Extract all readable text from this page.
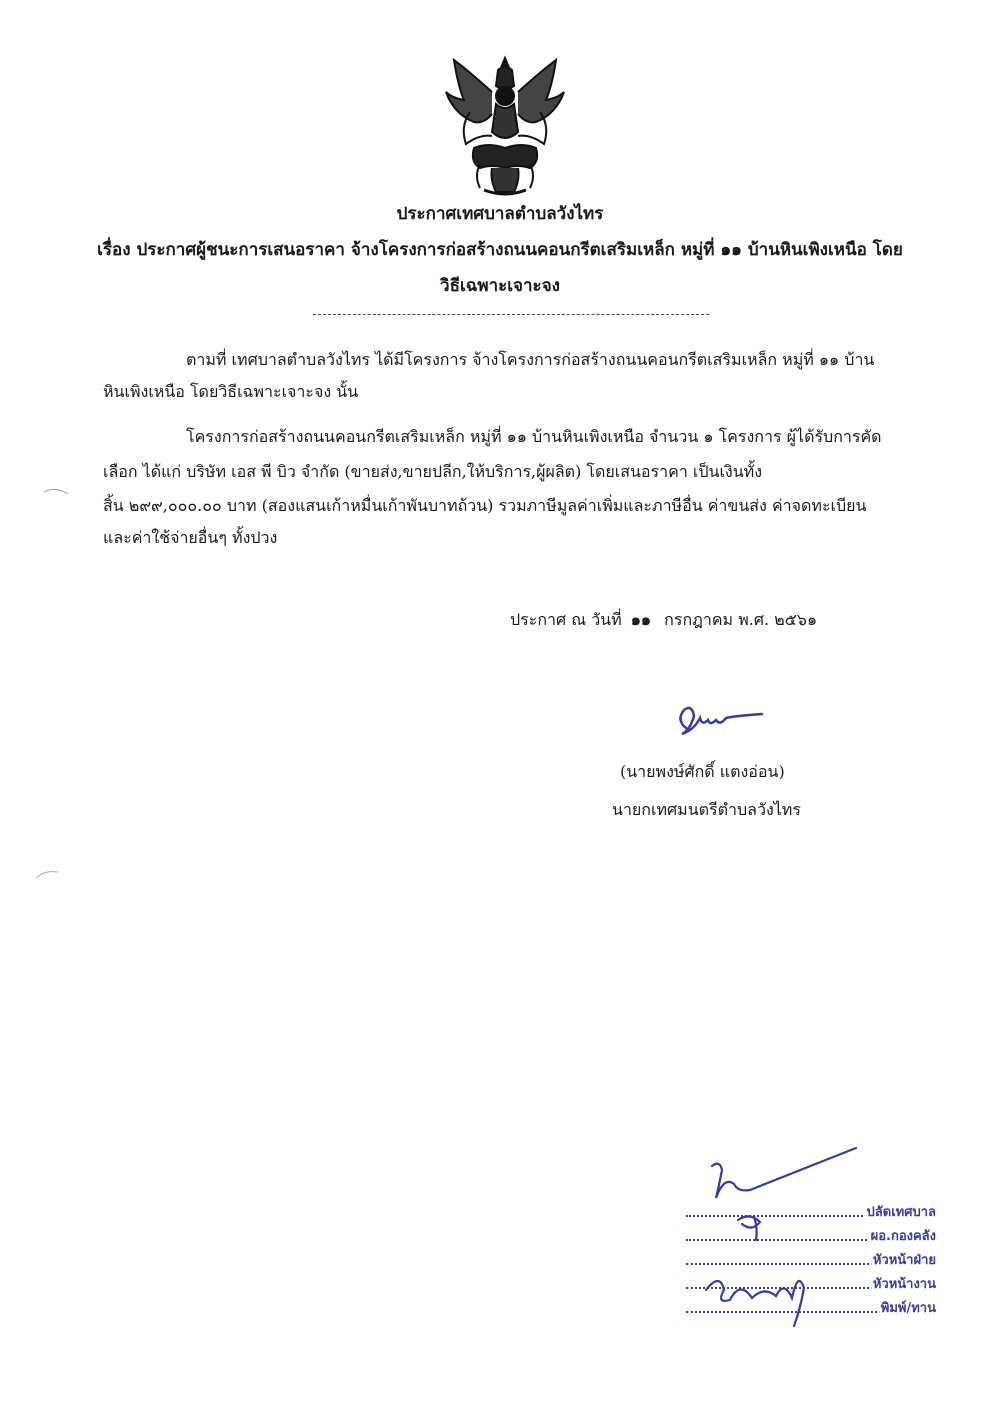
ประกาศเทศบาลตำบลวังไทร
เรื่อง ประกาศผู้ชนะการเสนอราคา จ้างโครงการก่อสร้างถนนคอนกรีตเสริมเหล็ก หมู่ที่ ๑๑ บ้านหินเพิงเหนือ โดย
วิธีเฉพาะเจาะจง
ตามที่ เทศบาลตำบลวังไทร ได้มีโครงการ จ้างโครงการก่อสร้างถนนคอนกรีตเสริมเหล็ก หมู่ที่ ๑๑ บ้าน
หินเพิงเหนือ โดยวิธีเฉพาะเจาะจง นั้น
โครงการก่อสร้างถนนคอนกรีตเสริมเหล็ก หมู่ที่ ๑๑ บ้านหินเพิงเหนือ จำนวน ๑ โครงการ ผู้ได้รับการคัด
เลือก ได้แก่ บริษัท เอส พี บิว จำกัด (ขายส่ง,ขายปลีก,ให้บริการ,ผู้ผลิต) โดยเสนอราคา เป็นเงินทั้ง
สิ้น ๒๙๙,๐๐๐.๐๐ บาท (สองแสนเก้าหมื่นเก้าพันบาทถ้วน) รวมภาษีมูลค่าเพิ่มและภาษีอื่น ค่าขนส่ง ค่าจดทะเบียน
และค่าใช้จ่ายอื่นๆ ทั้งปวง
ประกาศ ณ วันที่ ๑๑ กรกฎาคม พ.ศ. ๒๕๖๑
(นายพงษ์ศักดิ์ แตงอ่อน)
นายกเทศมนตรีตำบลวังไทร
ปลัดเทศบาล
ผอ.กองคลัง
หัวหน้าฝ่าย
หัวหน้างาน
พิมพ์/ทาน
